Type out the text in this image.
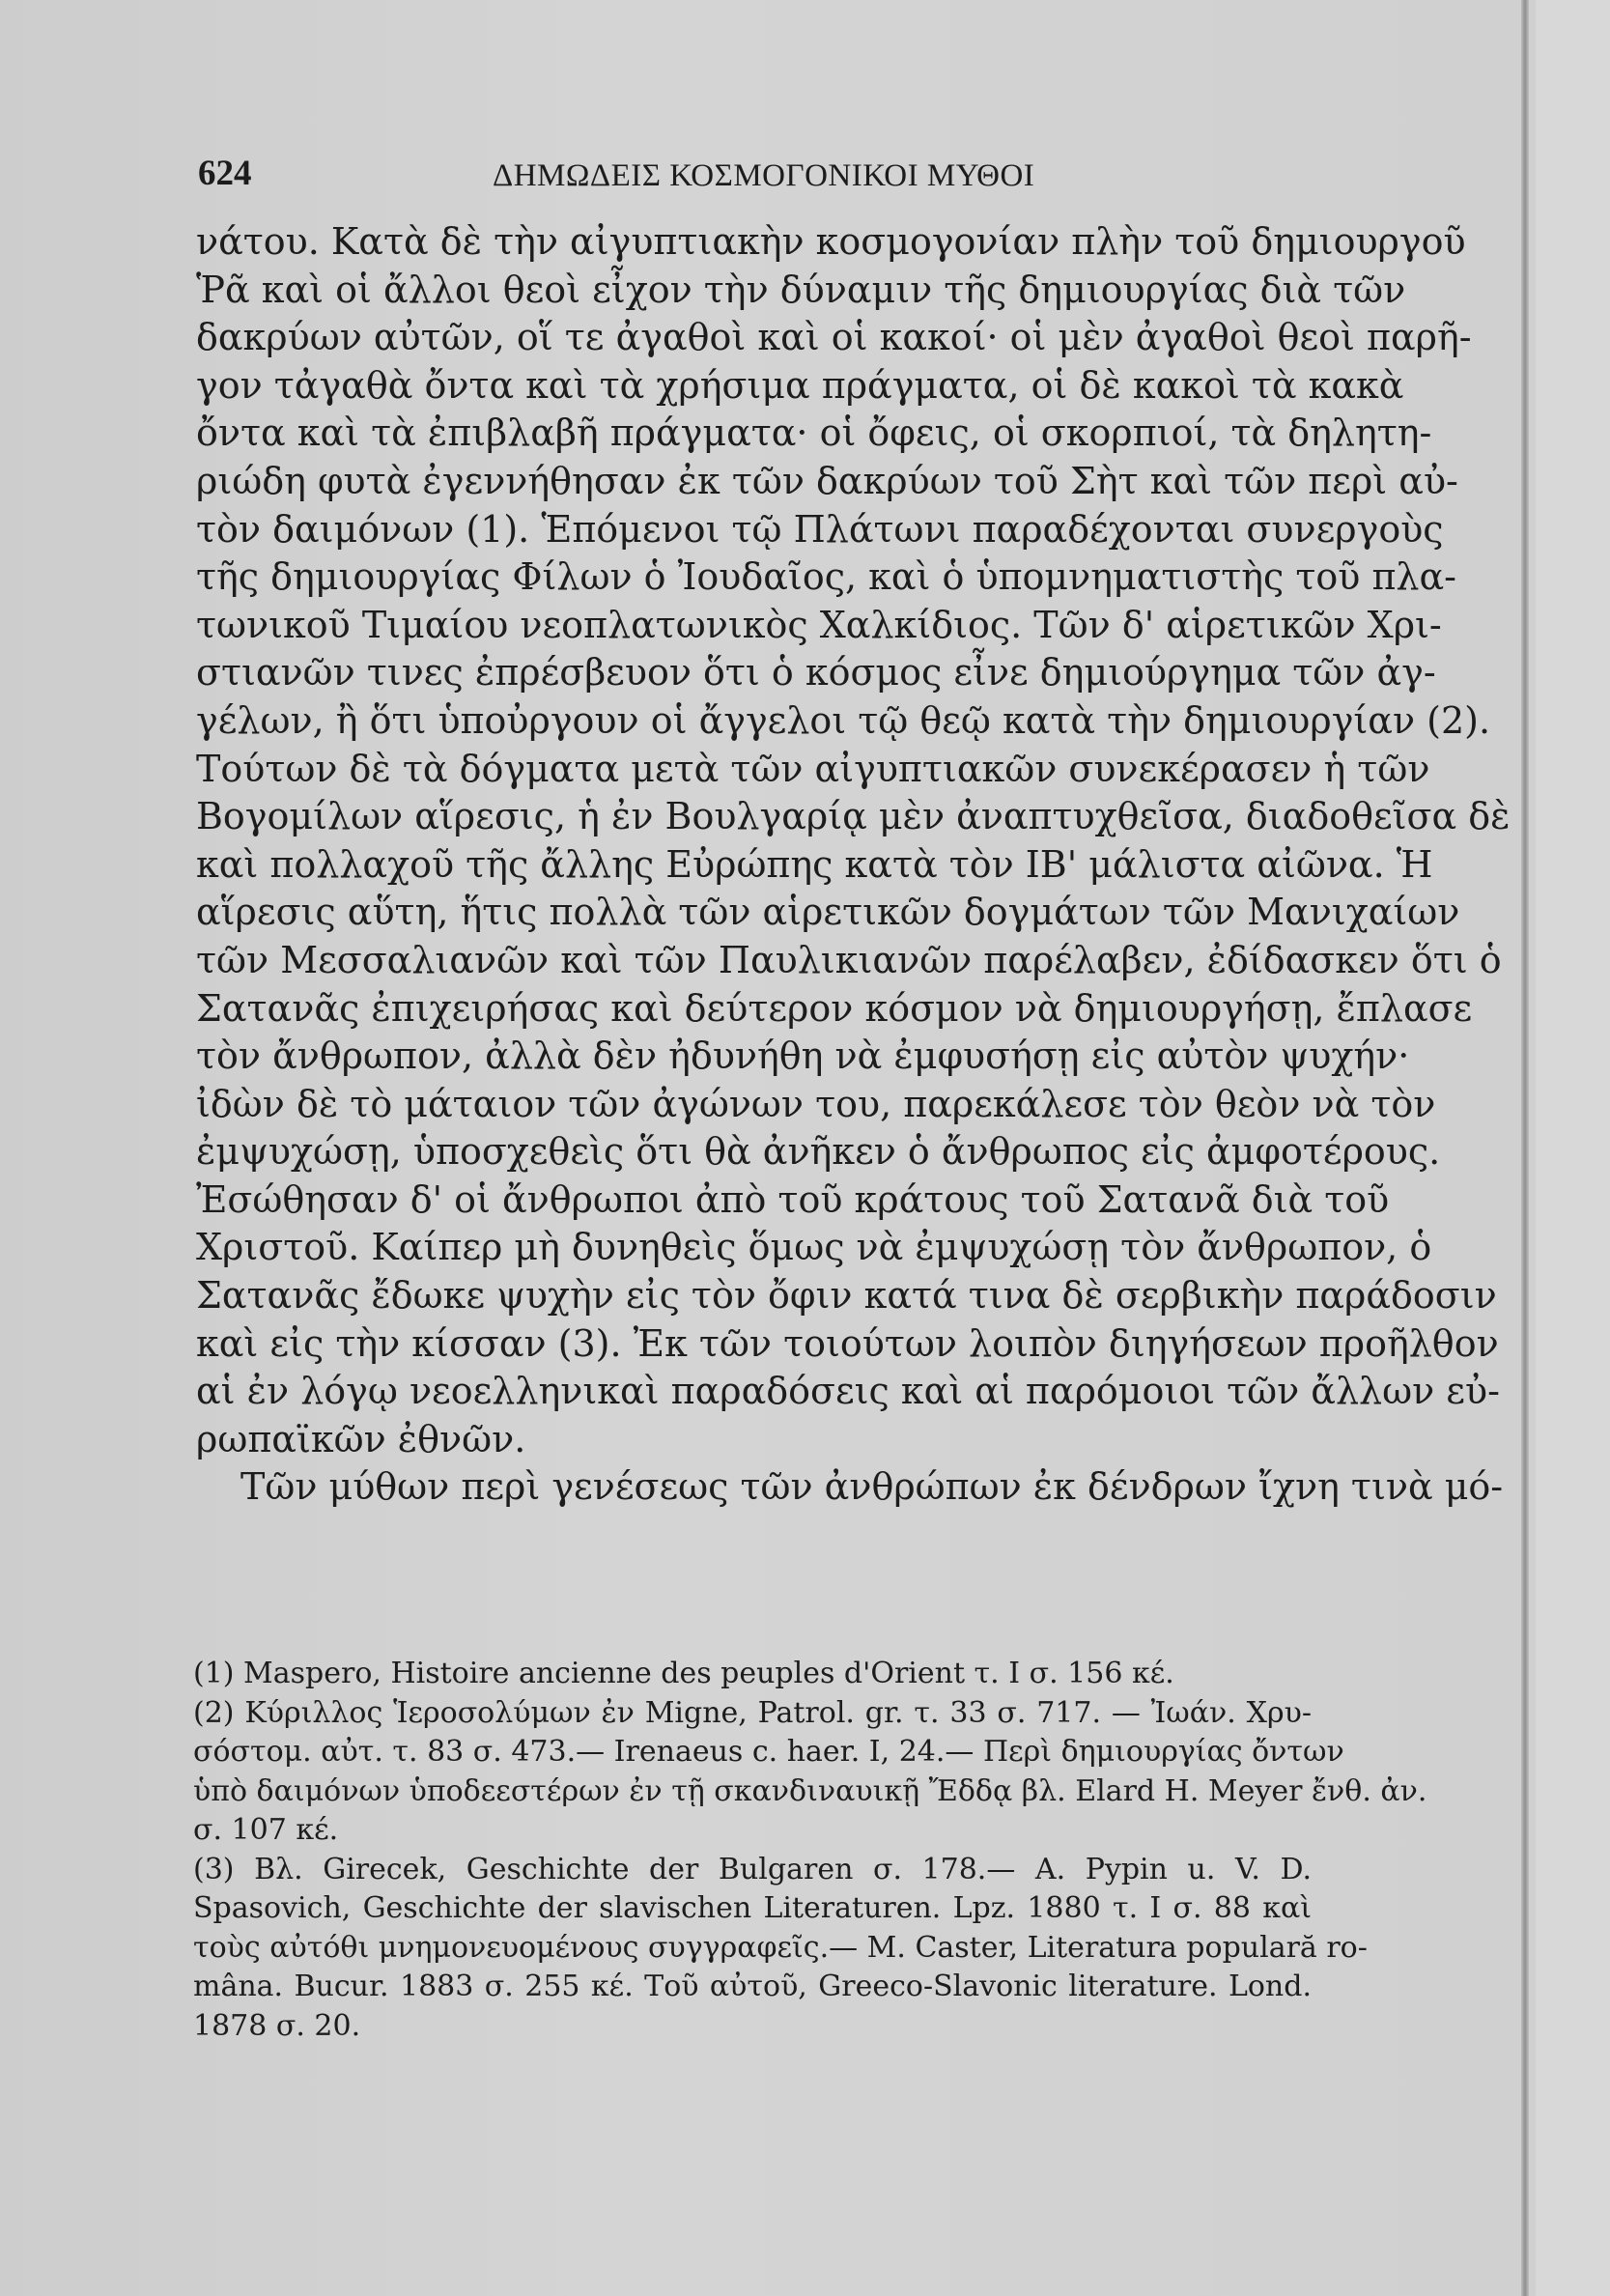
624	ΔΗΜΩΔΕΙΣ ΚΟΣΜΟΓΟΝΙΚΟΙ ΜΥΘΟΙ
νάτου. Κατὰ δὲ τὴν αἰγυπτιακὴν κοσμογονίαν πλὴν τοῦ δημιουργοῦ
Ῥᾶ καὶ οἱ ἄλλοι θεοὶ εἶχον τὴν δύναμιν τῆς δημιουργίας διὰ τῶν
δακρύων αὐτῶν, οἵ τε ἀγαθοὶ καὶ οἱ κακοί· οἱ μὲν ἀγαθοὶ θεοὶ παρῆ-
γον τἀγαθὰ ὄντα καὶ τὰ χρήσιμα πράγματα, οἱ δὲ κακοὶ τὰ κακὰ
ὄντα καὶ τὰ ἐπιβλαβῆ πράγματα· οἱ ὄφεις, οἱ σκορπιοί, τὰ δηλητη-
ριώδη φυτὰ ἐγεννήθησαν ἐκ τῶν δακρύων τοῦ Σὴτ καὶ τῶν περὶ αὐ-
τὸν δαιμόνων (1). Ἑπόμενοι τῷ Πλάτωνι παραδέχονται συνεργοὺς
τῆς δημιουργίας Φίλων ὁ Ἰουδαῖος, καὶ ὁ ὑπομνηματιστὴς τοῦ πλα-
τωνικοῦ Τιμαίου νεοπλατωνικὸς Χαλκίδιος. Τῶν δ' αἱρετικῶν Χρι-
στιανῶν τινες ἐπρέσβευον ὅτι ὁ κόσμος εἶνε δημιούργημα τῶν ἀγ-
γέλων, ἢ ὅτι ὑποὐργουν οἱ ἄγγελοι τῷ θεῷ κατὰ τὴν δημιουργίαν (2).
Τούτων δὲ τὰ δόγματα μετὰ τῶν αἰγυπτιακῶν συνεκέρασεν ἡ τῶν
Βογομίλων αἵρεσις, ἡ ἐν Βουλγαρίᾳ μὲν ἀναπτυχθεῖσα, διαδοθεῖσα δὲ
καὶ πολλαχοῦ τῆς ἄλλης Εὐρώπης κατὰ τὸν ΙΒ' μάλιστα αἰῶνα. Ἡ
αἵρεσις αὕτη, ἥτις πολλὰ τῶν αἱρετικῶν δογμάτων τῶν Μανιχαίων
τῶν Μεσσαλιανῶν καὶ τῶν Παυλικιανῶν παρέλαβεν, ἐδίδασκεν ὅτι ὁ
Σατανᾶς ἐπιχειρήσας καὶ δεύτερον κόσμον νὰ δημιουργήσῃ, ἔπλασε
τὸν ἄνθρωπον, ἀλλὰ δὲν ἠδυνήθη νὰ ἐμφυσήσῃ εἰς αὐτὸν ψυχήν·
ἰδὼν δὲ τὸ μάταιον τῶν ἀγώνων του, παρεκάλεσε τὸν θεὸν νὰ τὸν
ἐμψυχώσῃ, ὑποσχεθεὶς ὅτι θὰ ἀνῆκεν ὁ ἄνθρωπος εἰς ἀμφοτέρους.
Ἐσώθησαν δ' οἱ ἄνθρωποι ἀπὸ τοῦ κράτους τοῦ Σατανᾶ διὰ τοῦ
Χριστοῦ. Καίπερ μὴ δυνηθεὶς ὅμως νὰ ἐμψυχώσῃ τὸν ἄνθρωπον, ὁ
Σατανᾶς ἔδωκε ψυχὴν εἰς τὸν ὄφιν κατά τινα δὲ σερβικὴν παράδοσιν
καὶ εἰς τὴν κίσσαν (3). Ἐκ τῶν τοιούτων λοιπὸν διηγήσεων προῆλθον
αἱ ἐν λόγῳ νεοελληνικαὶ παραδόσεις καὶ αἱ παρόμοιοι τῶν ἄλλων εὐ-
ρωπαϊκῶν ἐθνῶν.
Τῶν μύθων περὶ γενέσεως τῶν ἀνθρώπων ἐκ δένδρων ἴχνη τινὰ μό-
(1) Maspero, Histoire ancienne des peuples d'Orient τ. I σ. 156 κέ.
(2) Κύριλλος Ἱεροσολύμων ἐν Migne, Patrol. gr. τ. 33 σ. 717. — Ἰωάν. Χρυ-
σόστομ. αὐτ. τ. 83 σ. 473.— Irenaeus c. haer. I, 24.— Περὶ δημιουργίας ὄντων
ὑπὸ δαιμόνων ὑποδεεστέρων ἐν τῇ σκανδιναυικῇ Ἔδδᾳ βλ. Elard H. Meyer ἔνθ. ἀν.
σ. 107 κέ.
(3) Βλ. Girecek, Geschichte der Bulgaren σ. 178.— A. Pypin u. V. D.
Spasovich, Geschichte der slavischen Literaturen. Lpz. 1880 τ. I σ. 88 καὶ
τοὺς αὐτόθι μνημονευομένους συγγραφεῖς.— M. Caster, Literatura populară ro-
mâna. Bucur. 1883 σ. 255 κέ. Τοῦ αὐτοῦ, Greeco-Slavonic literature. Lond.
1878 σ. 20.
